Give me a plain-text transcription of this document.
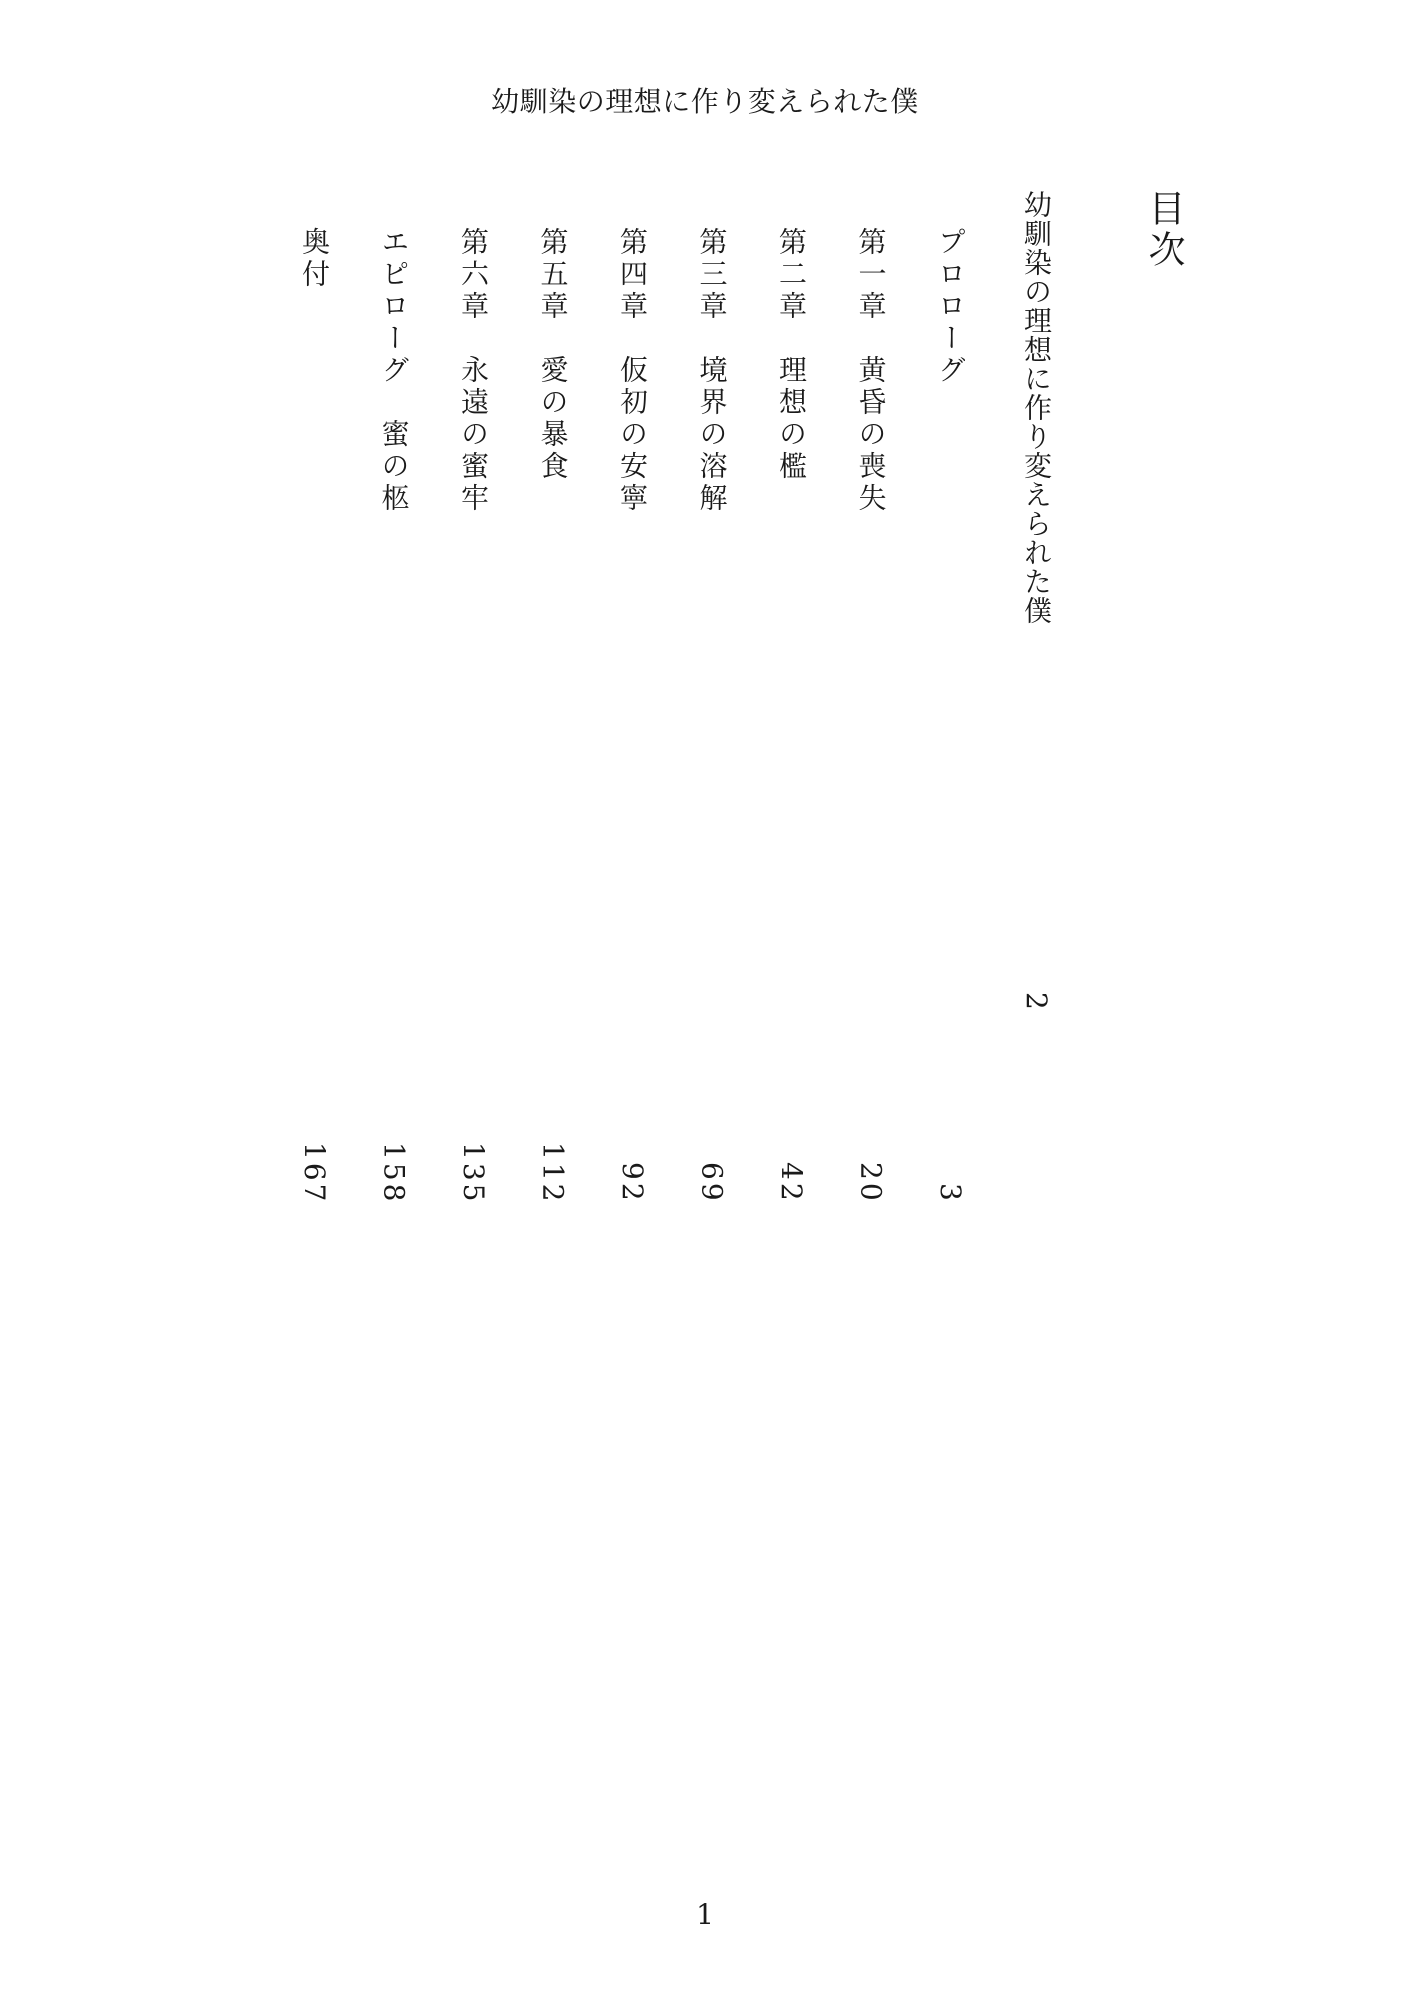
幼馴染の理想に作り変えられた僕
目次
幼馴染の理想に作り変えられた僕
2
プロローグ
3
第一章　黄昏の喪失
20
第二章　理想の檻
42
第三章　境界の溶解
69
第四章　仮初の安寧
92
第五章　愛の暴食
112
第六章　永遠の蜜牢
135
エピローグ　蜜の柩
158
奥付
167
1
